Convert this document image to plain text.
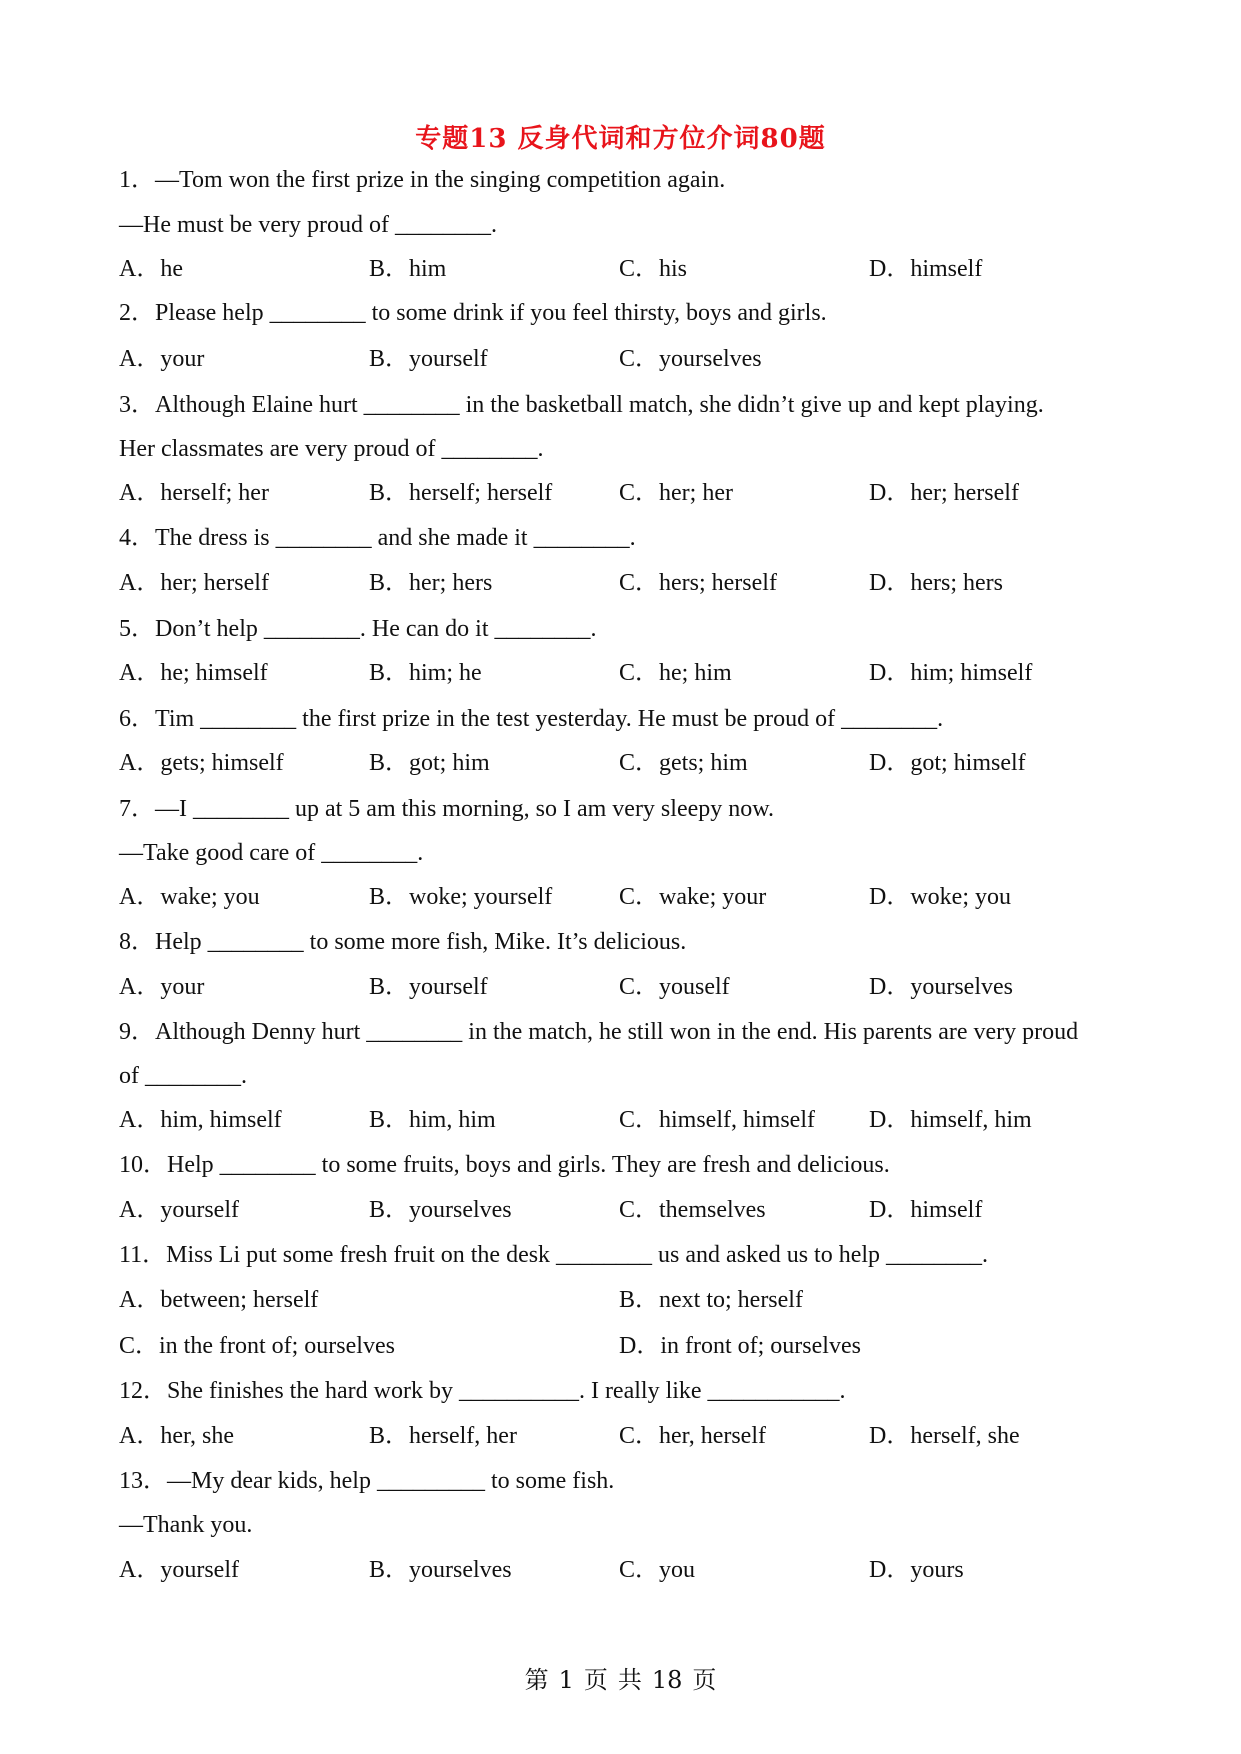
专题13 反身代词和方位介词80题
1．—Tom won the first prize in the singing competition again.
—He must be very proud of ________.
A．he	B．him	C．his	D．himself
2．Please help ________ to some drink if you feel thirsty, boys and girls.
A．your	B．yourself	C．yourselves
3．Although Elaine hurt ________ in the basketball match, she didn’t give up and kept playing.
Her classmates are very proud of ________.
A．herself; her	B．herself; herself	C．her; her	D．her; herself
4．The dress is ________ and she made it ________.
A．her; herself	B．her; hers	C．hers; herself	D．hers; hers
5．Don’t help ________. He can do it ________.
A．he; himself	B．him; he	C．he; him	D．him; himself
6．Tim ________ the first prize in the test yesterday. He must be proud of ________.
A．gets; himself	B．got; him	C．gets; him	D．got; himself
7．—I ________ up at 5 am this morning, so I am very sleepy now.
—Take good care of ________.
A．wake; you	B．woke; yourself	C．wake; your	D．woke; you
8．Help ________ to some more fish, Mike. It’s delicious.
A．your	B．yourself	C．youself	D．yourselves
9．Although Denny hurt ________ in the match, he still won in the end. His parents are very proud
of ________.
A．him, himself	B．him, him	C．himself, himself D．himself, him
10．Help ________ to some fruits, boys and girls. They are fresh and delicious.
A．yourself	B．yourselves	C．themselves	D．himself
11．Miss Li put some fresh fruit on the desk ________ us and asked us to help ________.
A．between; herself	B．next to; herself
C．in the front of; ourselves	D．in front of; ourselves
12．She finishes the hard work by __________. I really like ___________.
A．her, she	B．herself, her	C．her, herself	D．herself, she
13．—My dear kids, help _________ to some fish.
—Thank you.
A．yourself	B．yourselves	C．you	D．yours
第 1 页 共 18 页
